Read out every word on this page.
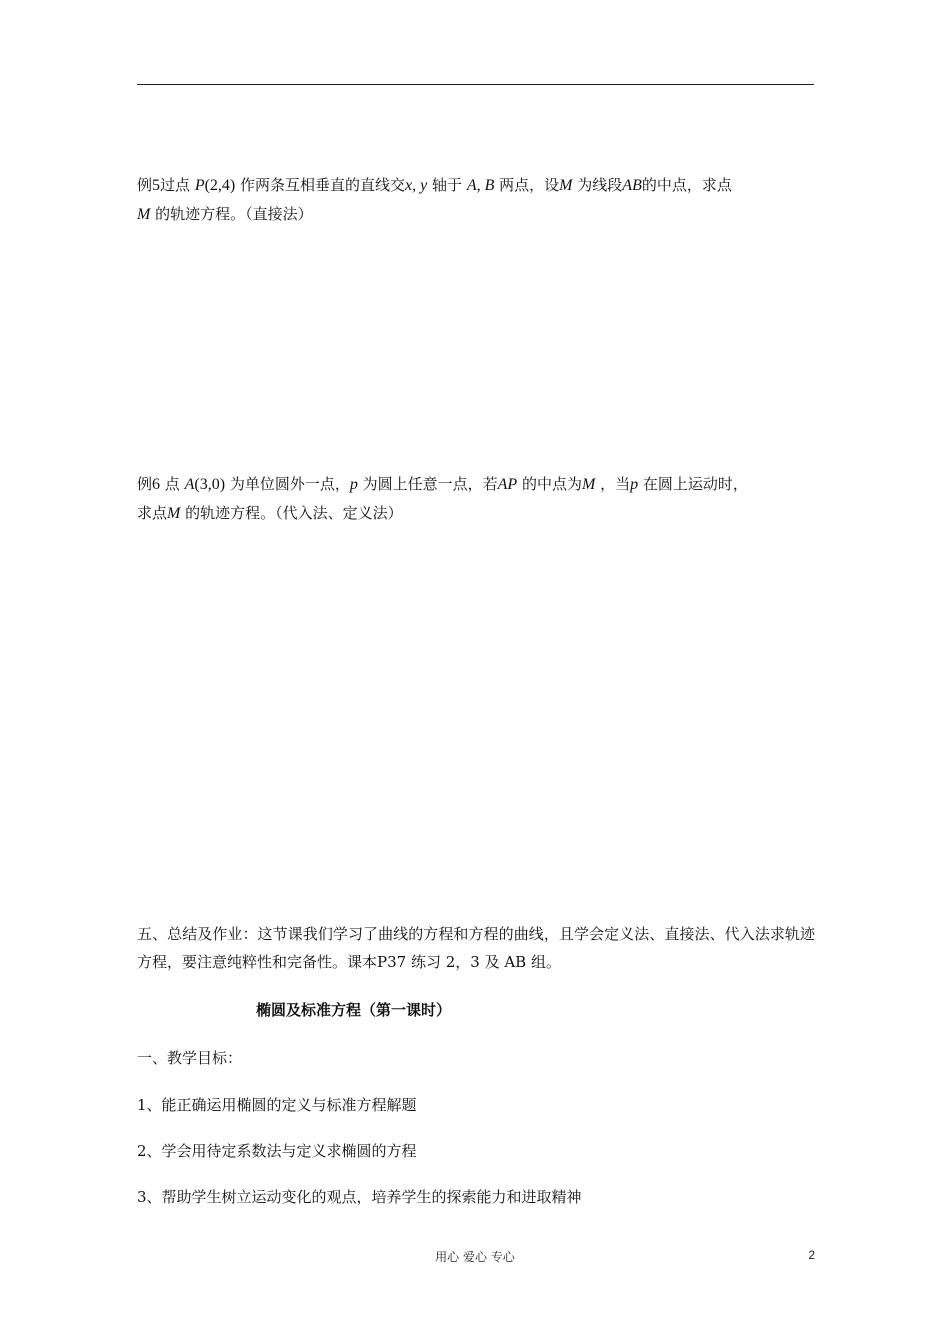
例5过点 P(2,4) 作两条互相垂直的直线交x, y 轴于 A, B 两点，设M 为线段AB的中点，求点
M 的轨迹方程。（直接法）
例6 点 A(3,0) 为单位圆外一点，p 为圆上任意一点，若AP 的中点为M ，当p 在圆上运动时，
求点M 的轨迹方程。（代入法、定义法）
五、总结及作业：这节课我们学习了曲线的方程和方程的曲线，且学会定义法、直接法、代入法求轨迹方程，要注意纯粹性和完备性。课本P37 练习 2，3 及 AB 组。
椭圆及标准方程（第一课时）
一、教学目标：
1、能正确运用椭圆的定义与标准方程解题
2、学会用待定系数法与定义求椭圆的方程
3、帮助学生树立运动变化的观点，培养学生的探索能力和进取精神
用心 爱心 专心	2
